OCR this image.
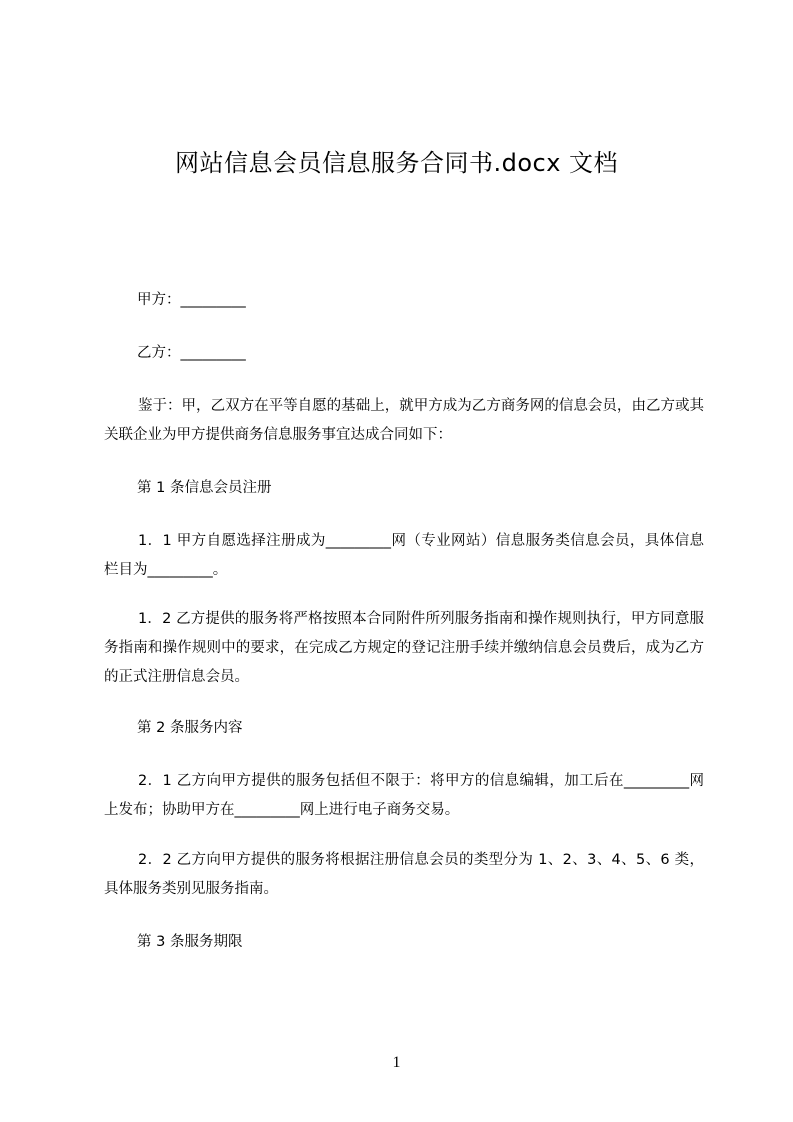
网站信息会员信息服务合同书.docx 文档

甲方：_________

乙方：_________

鉴于：甲，乙双方在平等自愿的基础上，就甲方成为乙方商务网的信息会员，由乙方或其关联企业为甲方提供商务信息服务事宜达成合同如下：

第 1 条信息会员注册

1．1 甲方自愿选择注册成为_________网（专业网站）信息服务类信息会员，具体信息栏目为_________。

1．2 乙方提供的服务将严格按照本合同附件所列服务指南和操作规则执行，甲方同意服务指南和操作规则中的要求，在完成乙方规定的登记注册手续并缴纳信息会员费后，成为乙方的正式注册信息会员。

第 2 条服务内容

2．1 乙方向甲方提供的服务包括但不限于：将甲方的信息编辑，加工后在_________网上发布；协助甲方在_________网上进行电子商务交易。

2．2 乙方向甲方提供的服务将根据注册信息会员的类型分为 1、2、3、4、5、6 类，具体服务类别见服务指南。

第 3 条服务期限

1
